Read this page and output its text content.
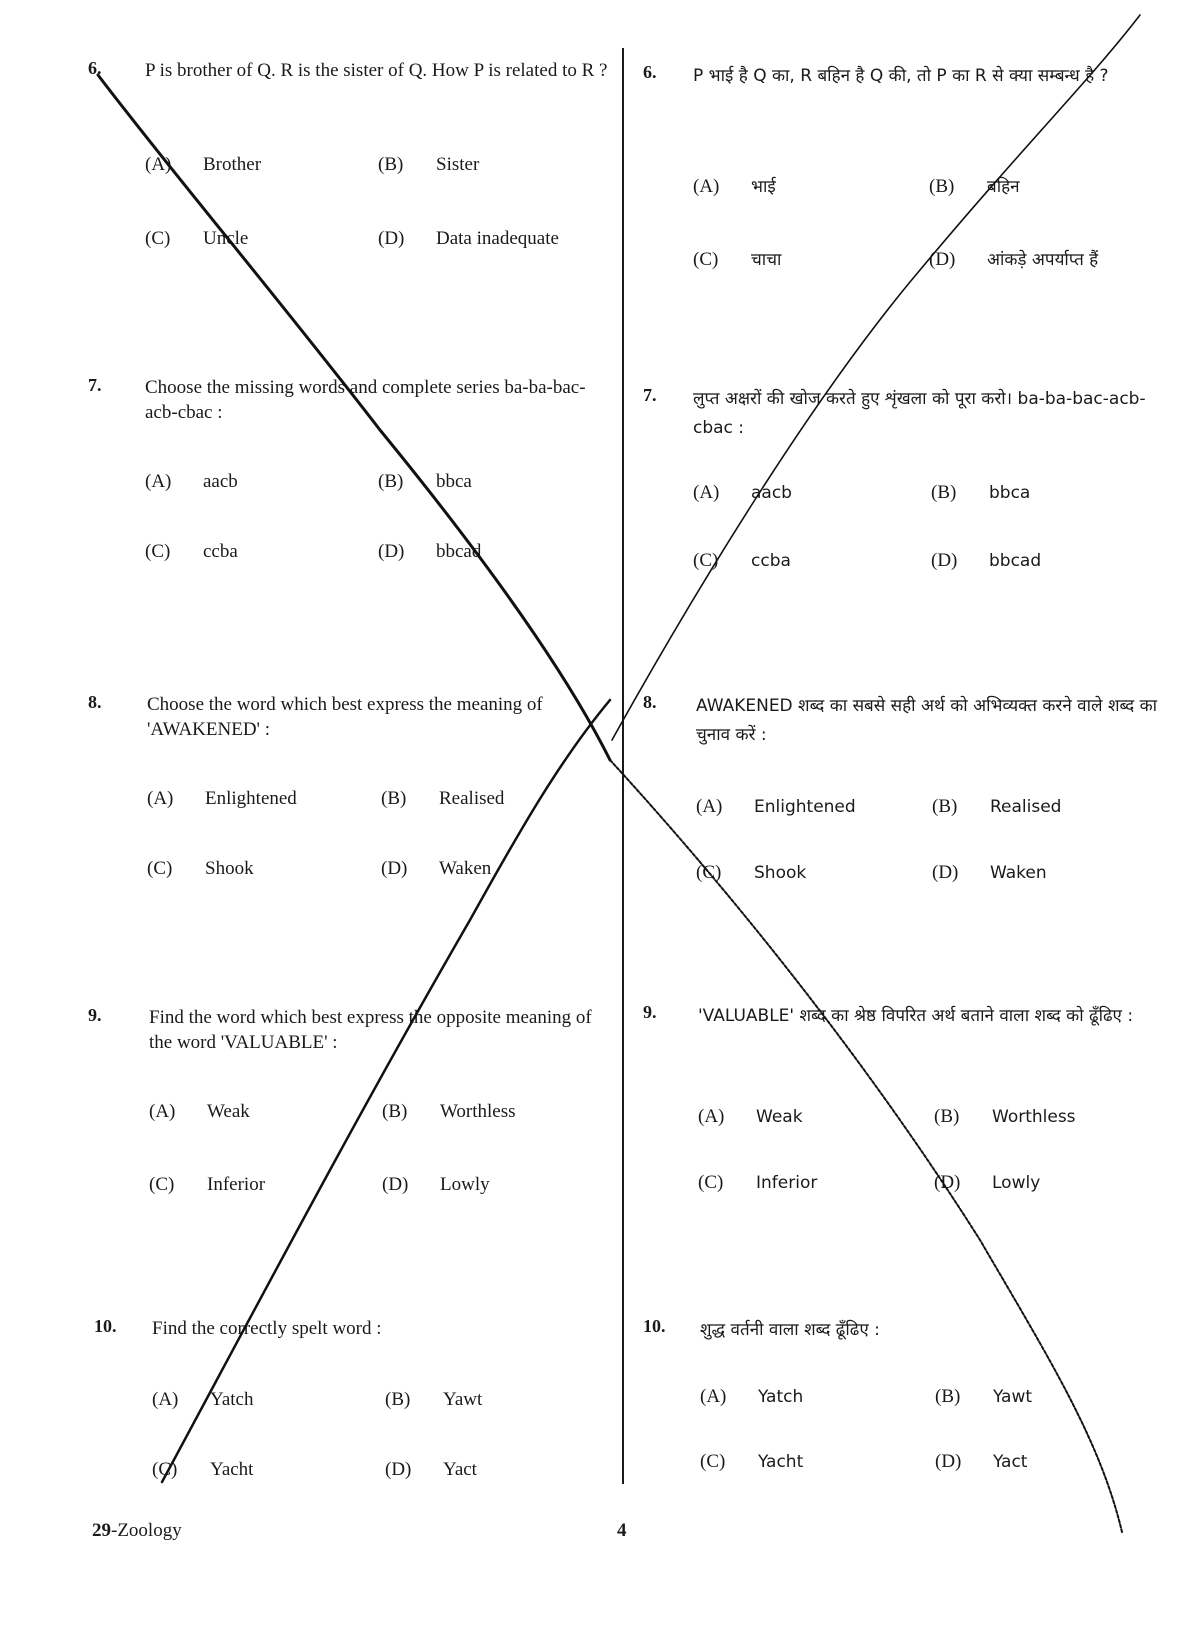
6. P is brother of Q. R is the sister of Q. How P is related to R ?
(A) Brother	(B) Sister
(C) Uncle	(D) Data inadequate
7. Choose the missing words and complete series ba-ba-bac-acb-cbac :
(A) aacb	(B) bbca
(C) ccba	(D) bbcad
8. Choose the word which best express the meaning of 'AWAKENED' :
(A) Enlightened	(B) Realised
(C) Shook	(D) Waken
9.	Find the word which best express the opposite meaning of the word 'VALUABLE' :
(A) Weak	(B) Worthless
(C) Inferior	(D) Lowly
10. Find the correctly spelt word :
(A) Yatch	(B) Yawt
(C) Yacht	(D) Yact
6. P भाई है Q का, R बहिन है Q की, तो P का R से क्या सम्बन्ध है ?
(A) भाई	(B) बहिन
(C) चाचा	(D) आंकड़े अपर्याप्त हैं
7. लुप्त अक्षरों की खोज करते हुए शृंखला को पूरा करो। ba-ba-bac-acb-cbac :
(A) aacb	(B) bbca
(C) ccba	(D) bbcad
8. AWAKENED शब्द का सबसे सही अर्थ को अभिव्यक्त करने वाले शब्द का चुनाव करें :
(A) Enlightened	(B) Realised
(C) Shook	(D) Waken
9. 'VALUABLE' शब्द का श्रेष्ठ विपरित अर्थ बताने वाला शब्द को ढूँढिए :
(A) Weak	(B) Worthless
(C) Inferior	(D) Lowly
10. शुद्ध वर्तनी वाला शब्द ढूँढिए :
(A) Yatch	(B) Yawt
(C) Yacht	(D) Yact
29-Zoology	4
